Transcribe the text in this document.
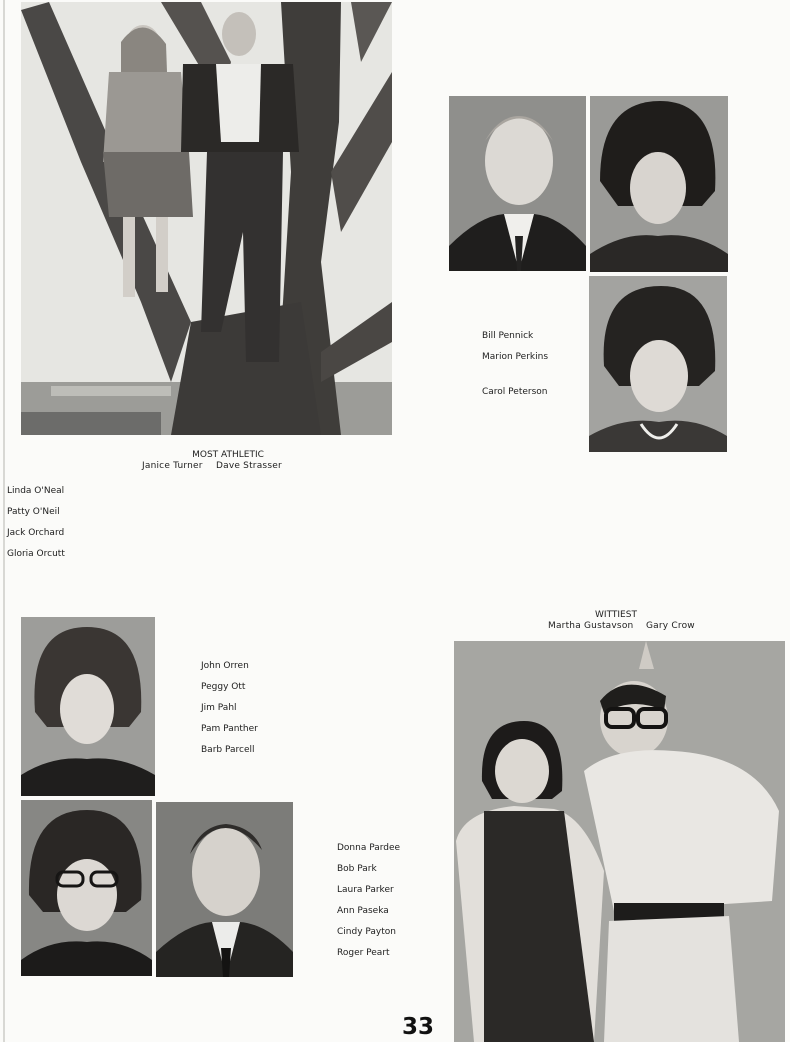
MOST ATHLETIC
Janice Turner Dave Strasser
WITTIEST
Martha Gustavson Gary Crow
Bill Pennick
Marion Perkins
Carol Peterson
Linda O'Neal
Patty O'Neil
Jack Orchard
Gloria Orcutt
John Orren
Peggy Ott
Jim Pahl
Pam Panther
Barb Parcell
Donna Pardee
Bob Park
Laura Parker
Ann Paseka
Cindy Payton
Roger Peart
33
